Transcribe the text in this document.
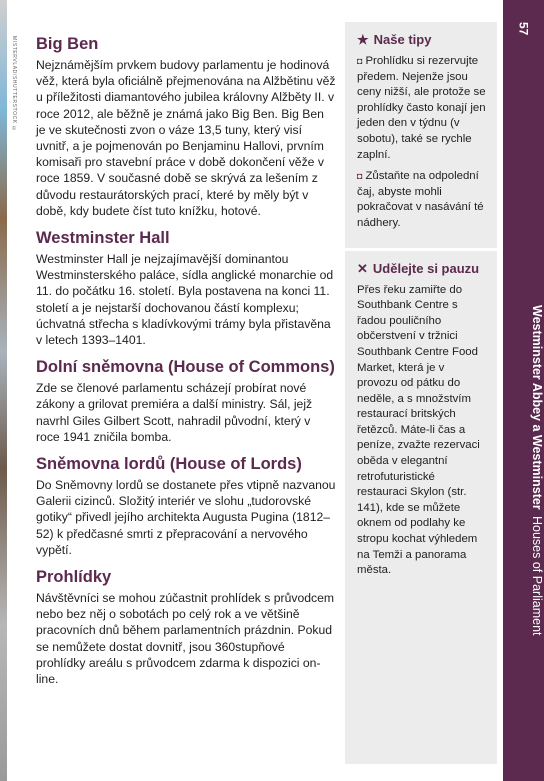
MISTERVLAD/SHUTTERSTOCK © Big Ben

Nejznámějším prvkem budovy parlamentu je hodinová věž, která byla oficiálně přejmenována na Alžbětinu věž u příležitosti diamantového jubilea královny Alžběty II. v roce 2012, ale běžně je známá jako Big Ben. Big Ben je ve skutečnosti zvon o váze 13,5 tuny, který visí uvnitř, a je pojmenován po Benjaminu Hallovi, prvním komisaři pro stavební práce v době dokončení věže v roce 1859. V současné době se skrývá za lešením z důvodu restaurátorských prací, které by měly být v době, kdy budete číst tuto knížku, hotové.

Westminster Hall

Westminster Hall je nejzajímavější dominantou Westminsterského paláce, sídla anglické monarchie od 11. do počátku 16. století. Byla postavena na konci 11. století a je nejstarší dochovanou částí komplexu; úchvatná střecha s kladívkovými trámy byla přistavěna v letech 1393–1401.

Dolní sněmovna (House of Commons)

Zde se členové parlamentu scházejí probírat nové zákony a grilovat premiéra a další ministry. Sál, jejž navrhl Giles Gilbert Scott, nahradil původní, který v roce 1941 zničila bomba.

Sněmovna lordů (House of Lords)

Do Sněmovny lordů se dostanete přes vtipně nazvanou Galerii cizinců. Složitý interiér ve slohu „tudorovské gotiky“ přivedl jejího architekta Augusta Pugina (1812–52) k předčasné smrti z přepracování a nervového vypětí.

Prohlídky

Návštěvníci se mohou zúčastnit prohlídek s průvodcem nebo bez něj o sobotách po celý rok a ve většině pracovních dnů během parlamentních prázdnin. Pokud se nemůžete dostat dovnitř, jsou 360stupňové prohlídky areálu s průvodcem zdarma k dispozici on-line.

★ Naše tipy
◘ Prohlídku si rezervujte předem. Nejenže jsou ceny nižší, ale protože se prohlídky často konají jen jeden den v týdnu (v sobotu), také se rychle zaplní.
◘ Zůstaňte na odpolední čaj, abyste mohli pokračovat v nasávání té nádhery.
✕ Udělejte si pauzu

Přes řeku zamiřte do Southbank Centre s řadou pouličního občerstvení v tržnici Southbank Centre Food Market, která je v provozu od pátku do neděle, a s množstvím restaurací britských řetězců. Máte-li čas a peníze, zvažte rezervaci oběda v elegantní retrofuturistické restauraci Skylon (str. 141), kde se můžete oknem od podlahy ke stropu kochat výhledem na Temži a panorama města.

57
Westminster Abbey a Westminster
Houses of Parliament
